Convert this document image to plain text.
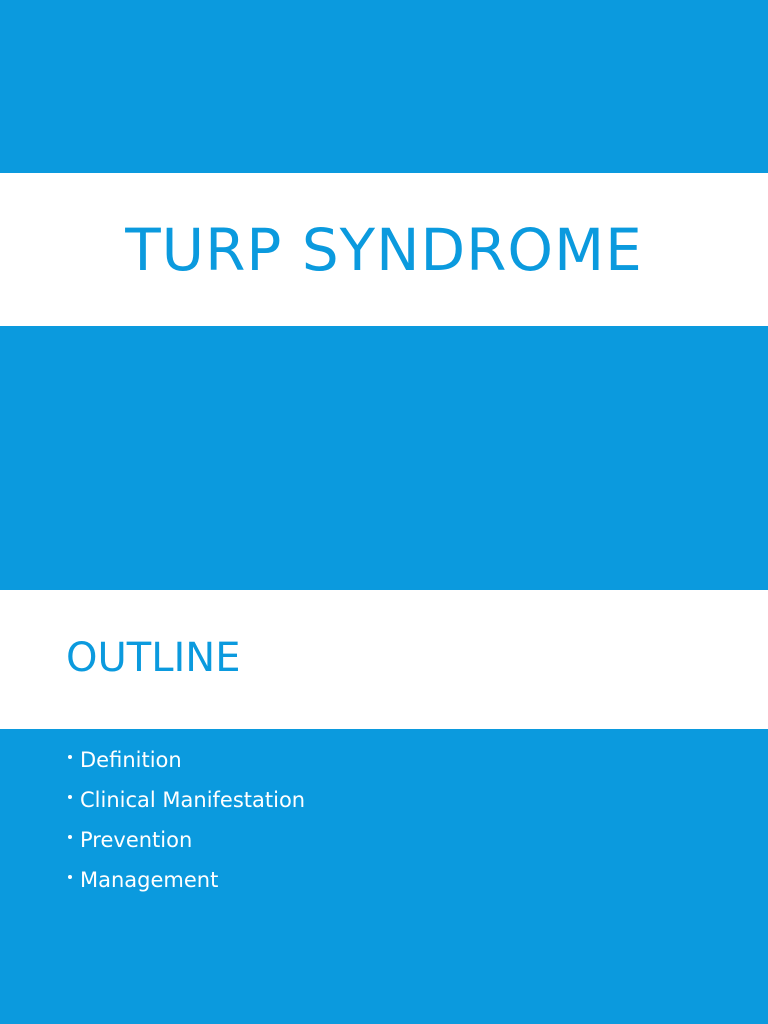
TURP SYNDROME
OUTLINE
Definition
Clinical Manifestation
Prevention
Management
